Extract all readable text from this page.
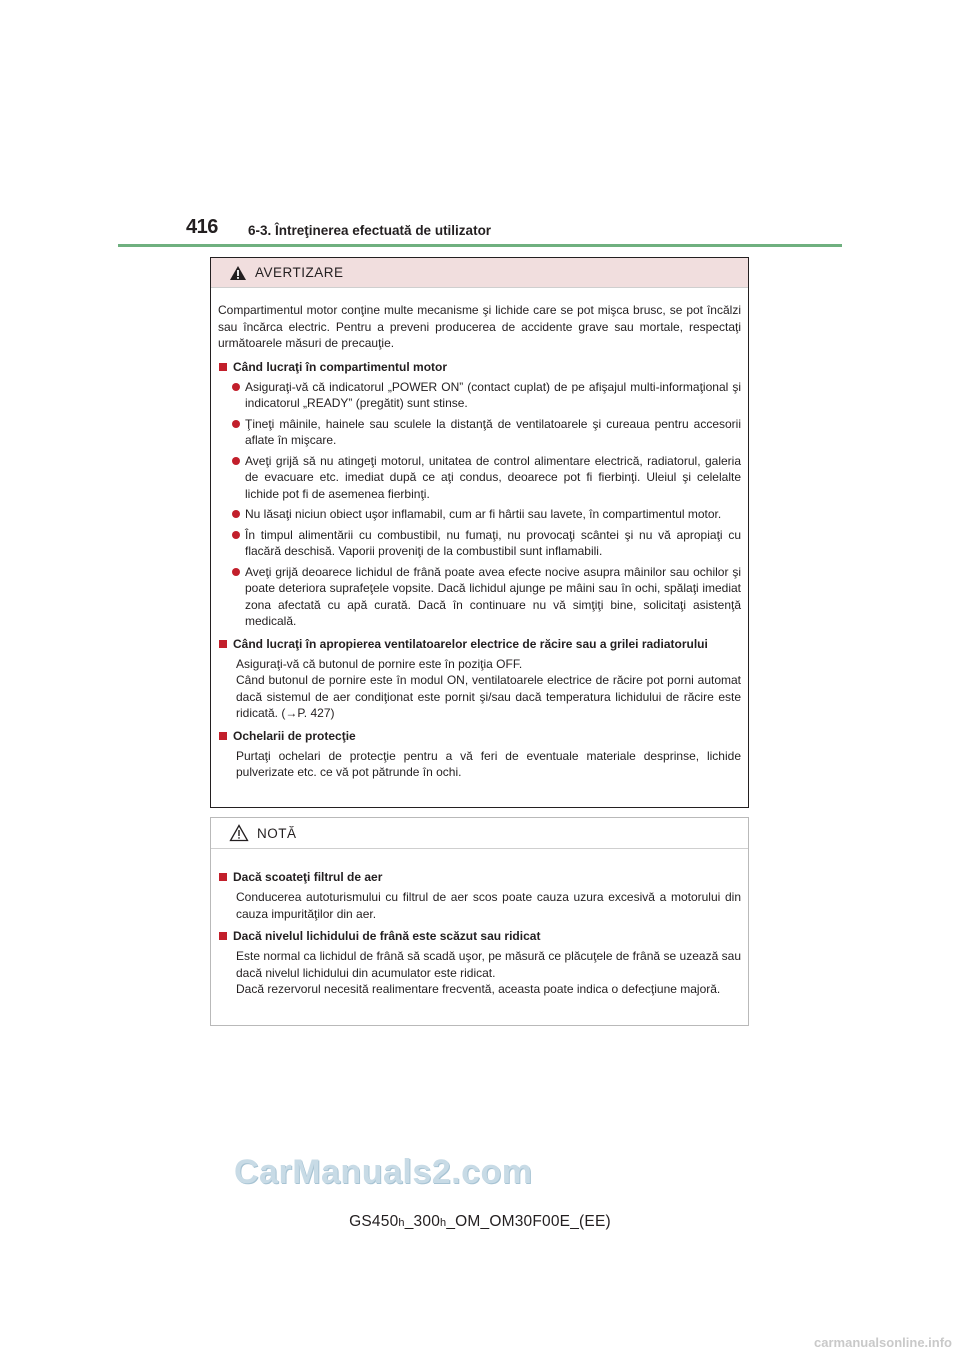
416 6-3. Întreţinerea efectuată de utilizator
AVERTIZARE
Compartimentul motor conţine multe mecanisme şi lichide care se pot mişca brusc, se pot încălzi sau încărca electric. Pentru a preveni producerea de accidente grave sau mortale, respectaţi următoarele măsuri de precauţie.
Când lucraţi în compartimentul motor
Asiguraţi-vă că indicatorul „POWER ON” (contact cuplat) de pe afişajul multi-informaţional şi indicatorul „READY” (pregătit) sunt stinse.
Ţineţi mâinile, hainele sau sculele la distanţă de ventilatoarele şi cureaua pentru accesorii aflate în mişcare.
Aveţi grijă să nu atingeţi motorul, unitatea de control alimentare electrică, radiatorul, galeria de evacuare etc. imediat după ce aţi condus, deoarece pot fi fierbinţi. Uleiul şi celelalte lichide pot fi de asemenea fierbinţi.
Nu lăsaţi niciun obiect uşor inflamabil, cum ar fi hârtii sau lavete, în compartimentul motor.
În timpul alimentării cu combustibil, nu fumaţi, nu provocaţi scântei şi nu vă apropiaţi cu flacără deschisă. Vaporii proveniţi de la combustibil sunt inflamabili.
Aveţi grijă deoarece lichidul de frână poate avea efecte nocive asupra mâinilor sau ochilor şi poate deteriora suprafeţele vopsite. Dacă lichidul ajunge pe mâini sau în ochi, spălaţi imediat zona afectată cu apă curată. Dacă în continuare nu vă simţiţi bine, solicitaţi asistenţă medicală.
Când lucraţi în apropierea ventilatoarelor electrice de răcire sau a grilei radiatorului

Asiguraţi-vă că butonul de pornire este în poziţia OFF.

Când butonul de pornire este în modul ON, ventilatoarele electrice de răcire pot porni automat dacă sistemul de aer condiţionat este pornit şi/sau dacă temperatura lichidului de răcire este ridicată. (→P. 427)

Ochelarii de protecţie

Purtaţi ochelari de protecţie pentru a vă feri de eventuale materiale desprinse, lichide pulverizate etc. ce vă pot pătrunde în ochi.

NOTĂ
Dacă scoateţi filtrul de aer

Conducerea autoturismului cu filtrul de aer scos poate cauza uzura excesivă a motorului din cauza impurităţilor din aer.

Dacă nivelul lichidului de frână este scăzut sau ridicat

Este normal ca lichidul de frână să scadă uşor, pe măsură ce plăcuţele de frână se uzează sau dacă nivelul lichidului din acumulator este ridicat.

Dacă rezervorul necesită realimentare frecventă, aceasta poate indica o defecţiune majoră.

CarManuals2.com
GS450h_300h_OM_OM30F00E_(EE)
carmanualsonline.info
